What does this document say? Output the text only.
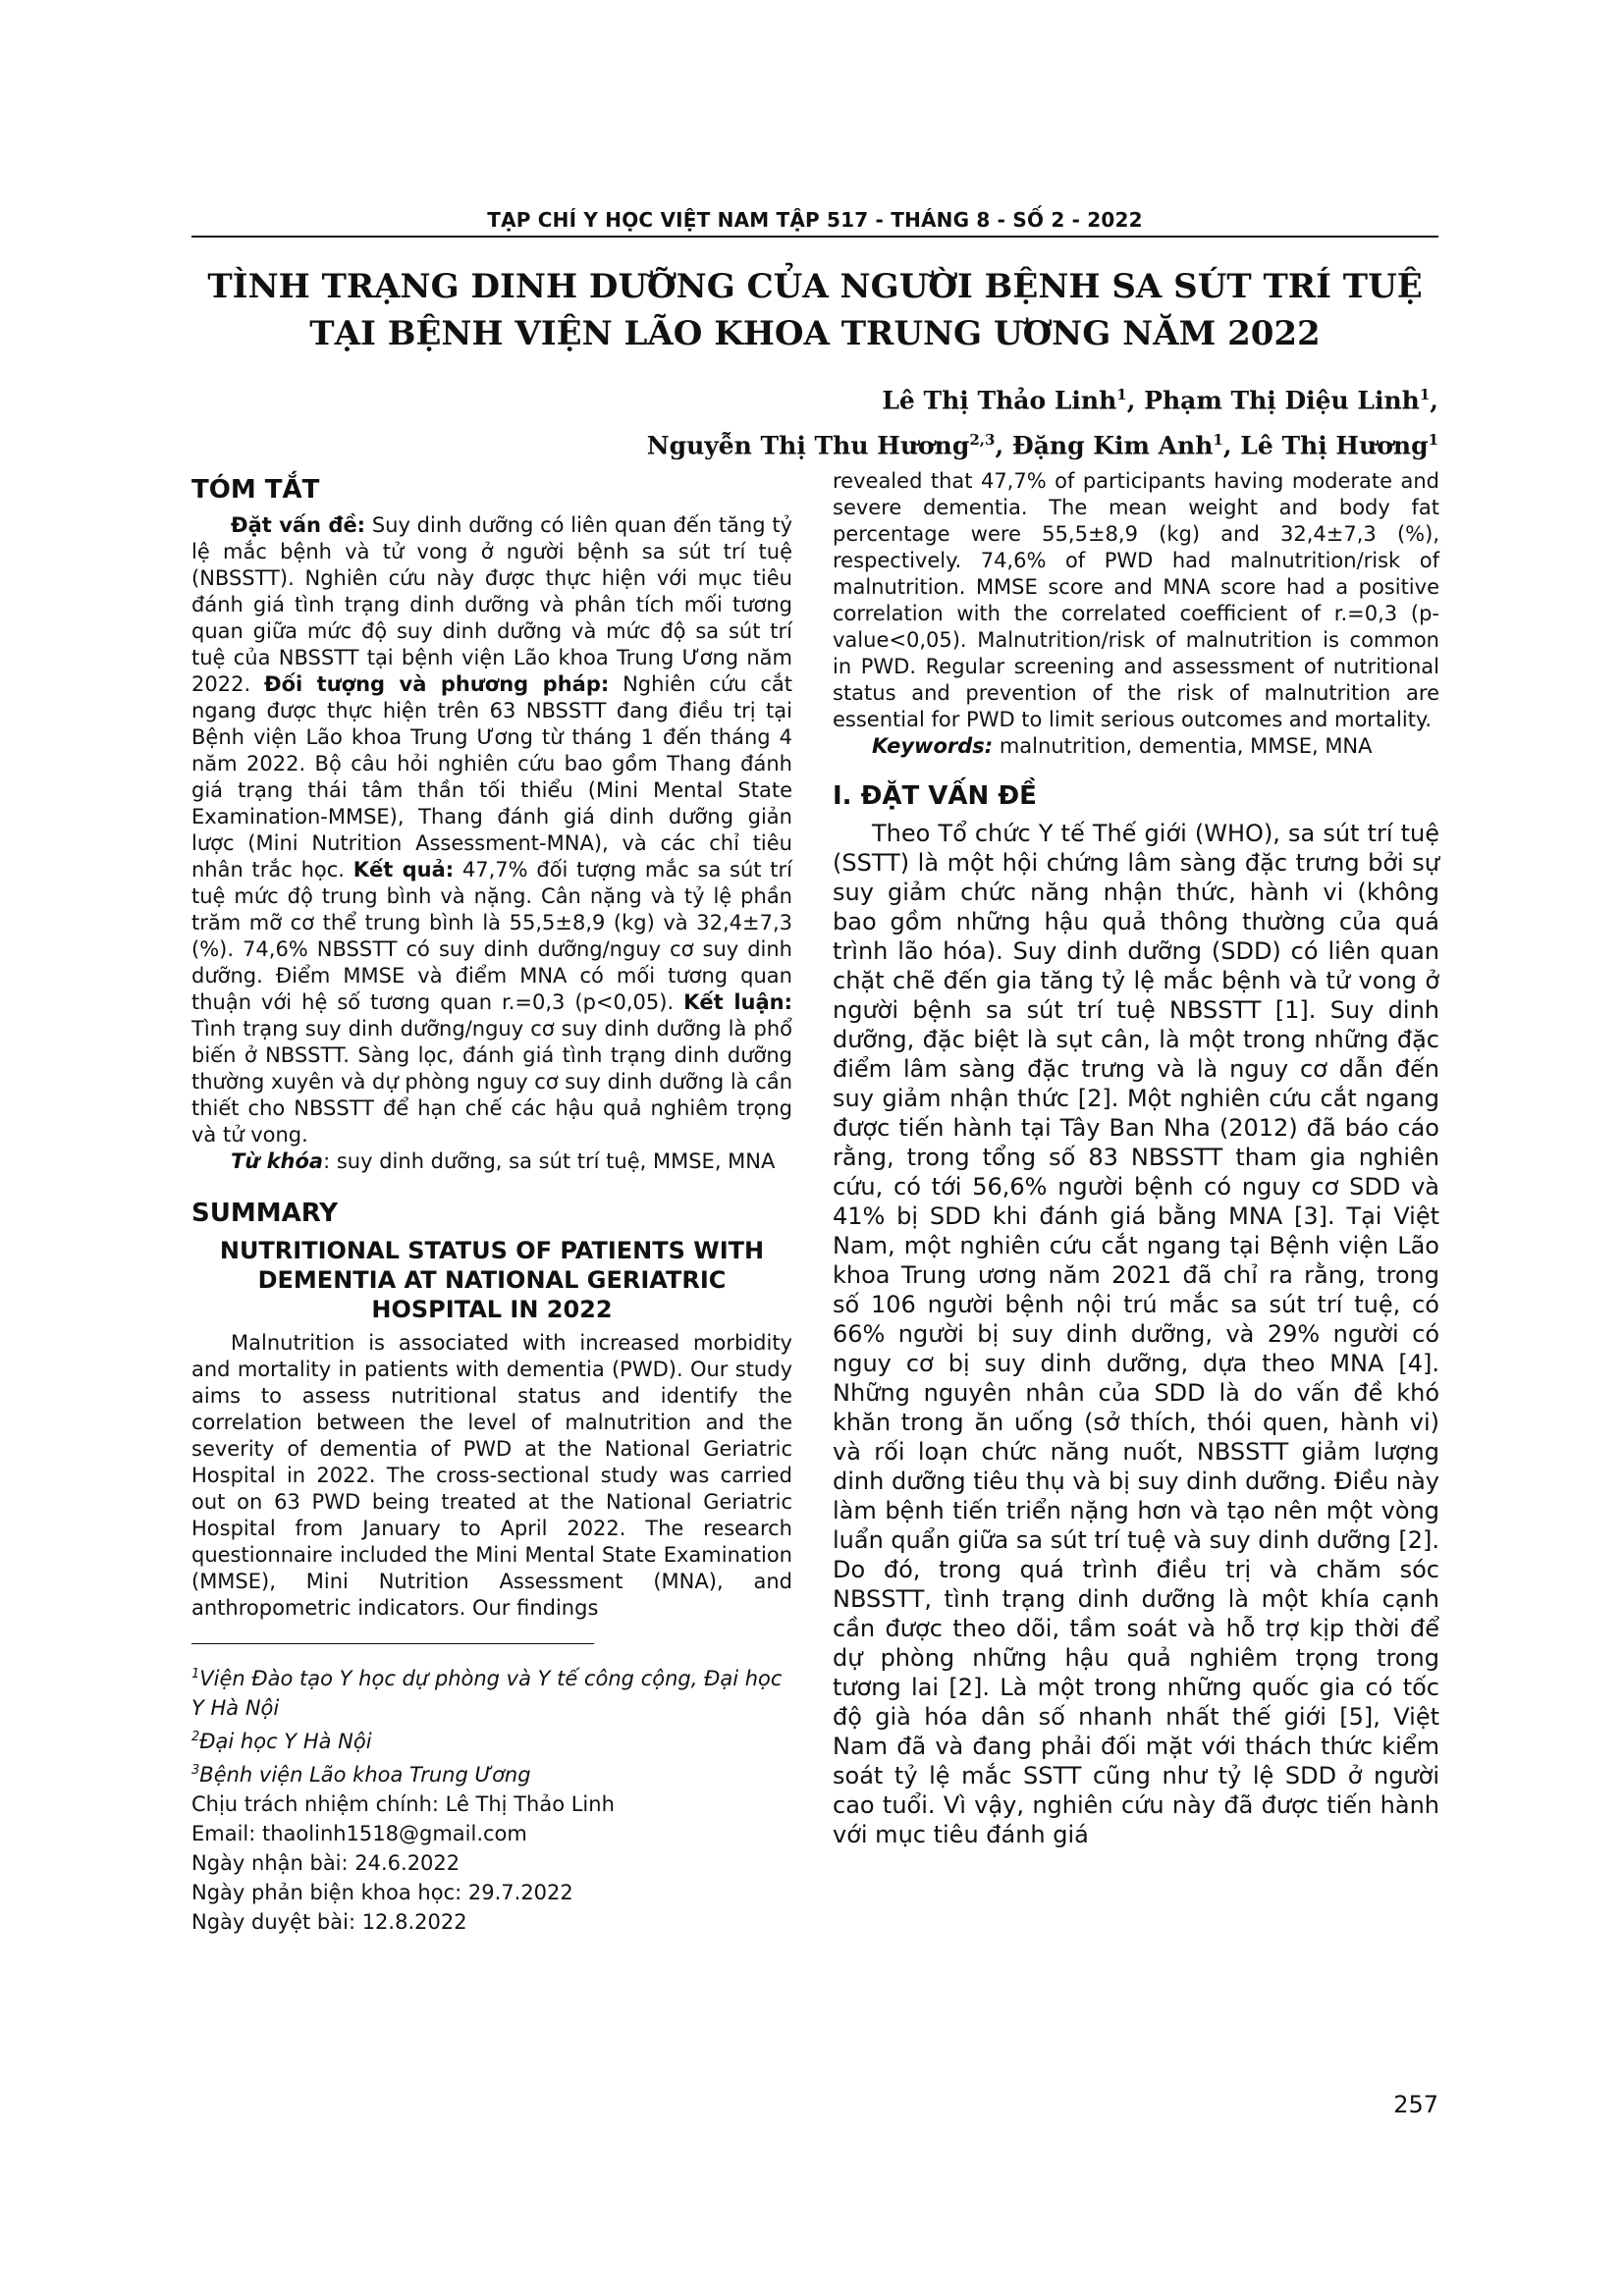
TẠP CHÍ Y HỌC VIỆT NAM TẬP 517 - THÁNG 8 - SỐ 2 - 2022
TÌNH TRẠNG DINH DƯỠNG CỦA NGƯỜI BỆNH SA SÚT TRÍ TUỆ
TẠI BỆNH VIỆN LÃO KHOA TRUNG ƯƠNG NĂM 2022
Lê Thị Thảo Linh$^1$, Phạm Thị Diệu Linh$^1$,
Nguyễn Thị Thu Hương$^{2,3}$, Đặng Kim Anh$^1$, Lê Thị Hương$^1$
TÓM TẮT

Đặt vấn đề: Suy dinh dưỡng có liên quan đến tăng tỷ lệ mắc bệnh và tử vong ở người bệnh sa sút trí tuệ (NBSSTT). Nghiên cứu này được thực hiện với mục tiêu đánh giá tình trạng dinh dưỡng và phân tích mối tương quan giữa mức độ suy dinh dưỡng và mức độ sa sút trí tuệ của NBSSTT tại bệnh viện Lão khoa Trung Ương năm 2022. Đối tượng và phương pháp: Nghiên cứu cắt ngang được thực hiện trên 63 NBSSTT đang điều trị tại Bệnh viện Lão khoa Trung Ương từ tháng 1 đến tháng 4 năm 2022. Bộ câu hỏi nghiên cứu bao gồm Thang đánh giá trạng thái tâm thần tối thiểu (Mini Mental State Examination-MMSE), Thang đánh giá dinh dưỡng giản lược (Mini Nutrition Assessment-MNA), và các chỉ tiêu nhân trắc học. Kết quả: 47,7% đối tượng mắc sa sút trí tuệ mức độ trung bình và nặng. Cân nặng và tỷ lệ phần trăm mỡ cơ thể trung bình là 55,5±8,9 (kg) và 32,4±7,3 (%). 74,6% NBSSTT có suy dinh dưỡng/nguy cơ suy dinh dưỡng. Điểm MMSE và điểm MNA có mối tương quan thuận với hệ số tương quan r.=0,3 (p<0,05). Kết luận: Tình trạng suy dinh dưỡng/nguy cơ suy dinh dưỡng là phổ biến ở NBSSTT. Sàng lọc, đánh giá tình trạng dinh dưỡng thường xuyên và dự phòng nguy cơ suy dinh dưỡng là cần thiết cho NBSSTT để hạn chế các hậu quả nghiêm trọng và tử vong.

Từ khóa: suy dinh dưỡng, sa sút trí tuệ, MMSE, MNA

SUMMARY
NUTRITIONAL STATUS OF PATIENTS WITH
DEMENTIA AT NATIONAL GERIATRIC
HOSPITAL IN 2022

Malnutrition is associated with increased morbidity and mortality in patients with dementia (PWD). Our study aims to assess nutritional status and identify the correlation between the level of malnutrition and the severity of dementia of PWD at the National Geriatric Hospital in 2022. The cross-sectional study was carried out on 63 PWD being treated at the National Geriatric Hospital from January to April 2022. The research questionnaire included the Mini Mental State Examination (MMSE), Mini Nutrition Assessment (MNA), and anthropometric indicators. Our findings

$^1$Viện Đào tạo Y học dự phòng và Y tế công cộng, Đại học Y Hà Nội

$^2$Đại học Y Hà Nội

$^3$Bệnh viện Lão khoa Trung Ương

Chịu trách nhiệm chính: Lê Thị Thảo Linh

Email: thaolinh1518@gmail.com

Ngày nhận bài: 24.6.2022

Ngày phản biện khoa học: 29.7.2022

Ngày duyệt bài: 12.8.2022

revealed that 47,7% of participants having moderate and severe dementia. The mean weight and body fat percentage were 55,5±8,9 (kg) and 32,4±7,3 (%), respectively. 74,6% of PWD had malnutrition/risk of malnutrition. MMSE score and MNA score had a positive correlation with the correlated coefficient of r.=0,3 (p-value<0,05). Malnutrition/risk of malnutrition is common in PWD. Regular screening and assessment of nutritional status and prevention of the risk of malnutrition are essential for PWD to limit serious outcomes and mortality.

Keywords: malnutrition, dementia, MMSE, MNA

I. ĐẶT VẤN ĐỀ

Theo Tổ chức Y tế Thế giới (WHO), sa sút trí tuệ (SSTT) là một hội chứng lâm sàng đặc trưng bởi sự suy giảm chức năng nhận thức, hành vi (không bao gồm những hậu quả thông thường của quá trình lão hóa). Suy dinh dưỡng (SDD) có liên quan chặt chẽ đến gia tăng tỷ lệ mắc bệnh và tử vong ở người bệnh sa sút trí tuệ NBSSTT [1]. Suy dinh dưỡng, đặc biệt là sụt cân, là một trong những đặc điểm lâm sàng đặc trưng và là nguy cơ dẫn đến suy giảm nhận thức [2]. Một nghiên cứu cắt ngang được tiến hành tại Tây Ban Nha (2012) đã báo cáo rằng, trong tổng số 83 NBSSTT tham gia nghiên cứu, có tới 56,6% người bệnh có nguy cơ SDD và 41% bị SDD khi đánh giá bằng MNA [3]. Tại Việt Nam, một nghiên cứu cắt ngang tại Bệnh viện Lão khoa Trung ương năm 2021 đã chỉ ra rằng, trong số 106 người bệnh nội trú mắc sa sút trí tuệ, có 66% người bị suy dinh dưỡng, và 29% người có nguy cơ bị suy dinh dưỡng, dựa theo MNA [4]. Những nguyên nhân của SDD là do vấn đề khó khăn trong ăn uống (sở thích, thói quen, hành vi) và rối loạn chức năng nuốt, NBSSTT giảm lượng dinh dưỡng tiêu thụ và bị suy dinh dưỡng. Điều này làm bệnh tiến triển nặng hơn và tạo nên một vòng luẩn quẩn giữa sa sút trí tuệ và suy dinh dưỡng [2]. Do đó, trong quá trình điều trị và chăm sóc NBSSTT, tình trạng dinh dưỡng là một khía cạnh cần được theo dõi, tầm soát và hỗ trợ kịp thời để dự phòng những hậu quả nghiêm trọng trong tương lai [2]. Là một trong những quốc gia có tốc độ già hóa dân số nhanh nhất thế giới [5], Việt Nam đã và đang phải đối mặt với thách thức kiểm soát tỷ lệ mắc SSTT cũng như tỷ lệ SDD ở người cao tuổi. Vì vậy, nghiên cứu này đã được tiến hành với mục tiêu đánh giá

257
